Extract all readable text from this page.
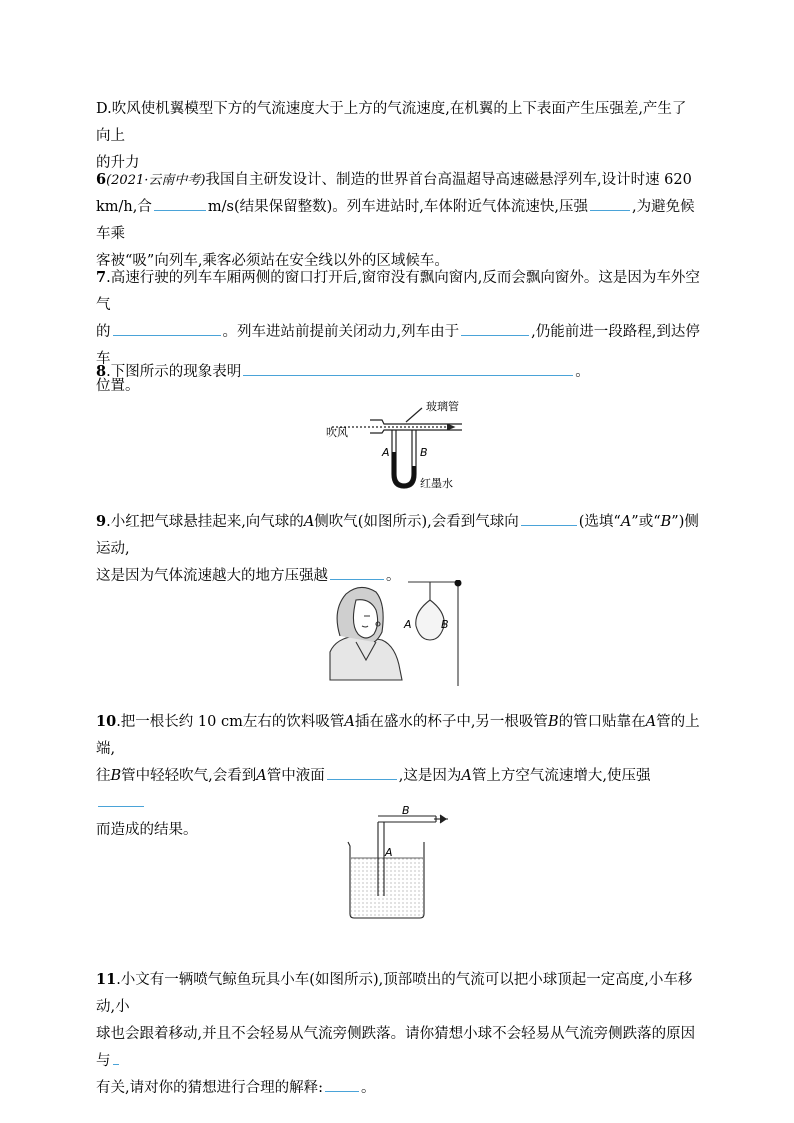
D.吹风使机翼模型下方的气流速度大于上方的气流速度,在机翼的上下表面产生压强差,产生了向上
的升力

6(2021·云南中考)我国自主研发设计、制造的世界首台高温超导高速磁悬浮列车,设计时速 620
km/h,合	m/s(结果保留整数)。列车进站时,车体附近气体流速快,压强	,为避免候车乘
客被“吸”向列车,乘客必须站在安全线以外的区域候车。

7.高速行驶的列车车厢两侧的窗口打开后,窗帘没有飘向窗内,反而会飘向窗外。这是因为车外空气
的	。列车进站前提前关闭动力,列车由于	,仍能前进一段路程,到达停车
位置。

8.下图所示的现象表明	。

玻璃管
吹风
A	B
红墨水

9.小红把气球悬挂起来,向气球的A侧吹气(如图所示),会看到气球向	(选填“A”或“B”)侧运动,
这是因为气体流速越大的地方压强越	。

A	B

10.把一根长约 10 cm左右的饮料吸管A插在盛水的杯子中,另一根吸管B的管口贴靠在A管的上端,
往B管中轻轻吹气,会看到A管中液面	,这是因为A管上方空气流速增大,使压强
而造成的结果。

B
A

11.小文有一辆喷气鲸鱼玩具小车(如图所示),顶部喷出的气流可以把小球顶起一定高度,小车移动,小
球也会跟着移动,并且不会轻易从气流旁侧跌落。请你猜想小球不会轻易从气流旁侧跌落的原因与
有关,请对你的猜想进行合理的解释:	。
